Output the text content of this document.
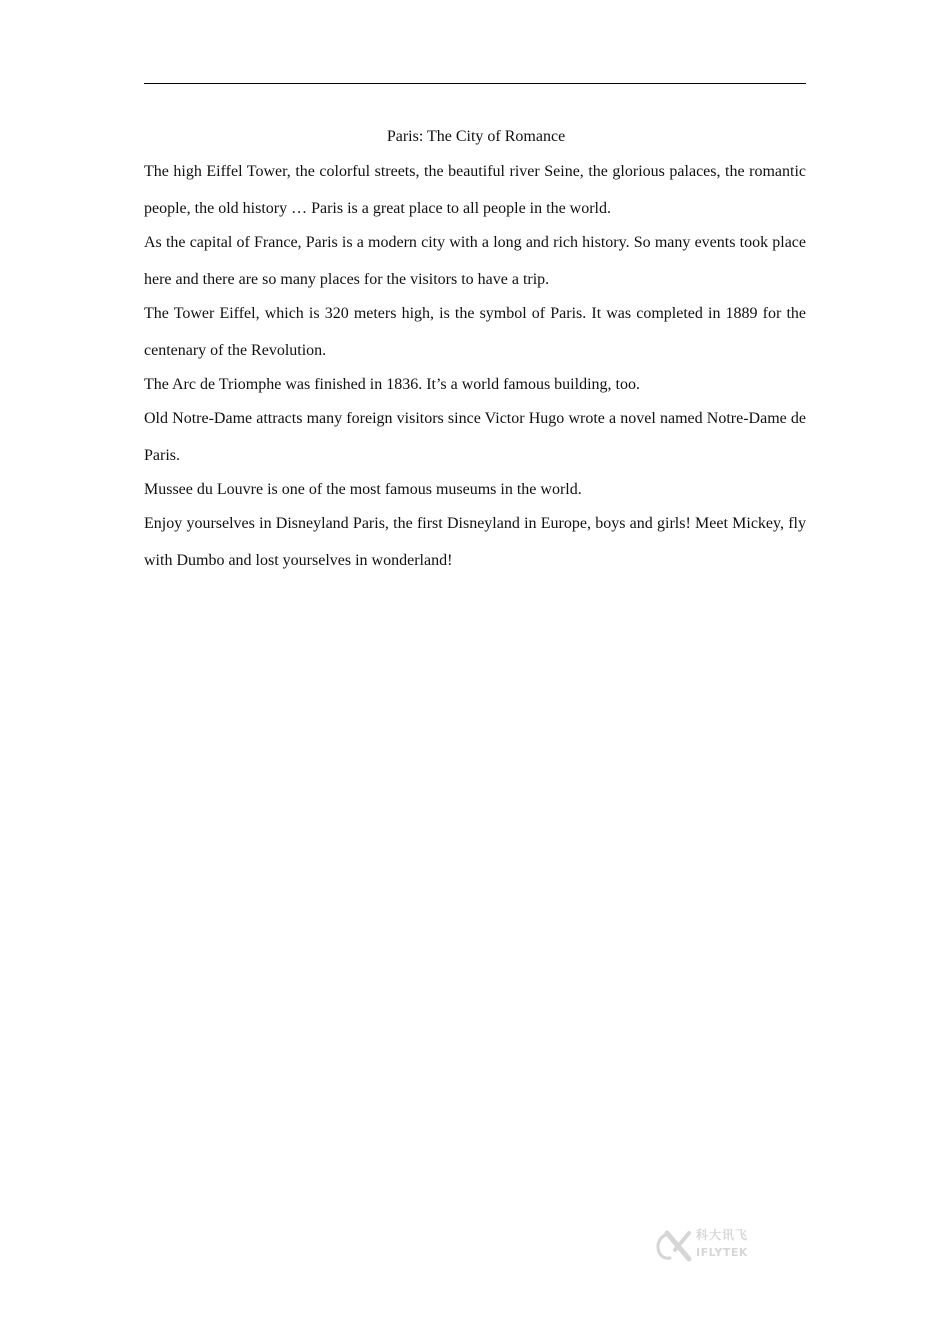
Paris: The City of Romance

The high Eiffel Tower, the colorful streets, the beautiful river Seine, the glorious palaces, the romantic people, the old history … Paris is a great place to all people in the world.

As the capital of France, Paris is a modern city with a long and rich history. So many events took place here and there are so many places for the visitors to have a trip.

The Tower Eiffel, which is 320 meters high, is the symbol of Paris. It was completed in 1889 for the centenary of the Revolution.

The Arc de Triomphe was finished in 1836. It’s a world famous building, too.

Old Notre-Dame attracts many foreign visitors since Victor Hugo wrote a novel named Notre-Dame de Paris.

Mussee du Louvre is one of the most famous museums in the world.

Enjoy yourselves in Disneyland Paris, the first Disneyland in Europe, boys and girls! Meet Mickey, fly with Dumbo and lost yourselves in wonderland!

科大讯飞
IFLYTEK
